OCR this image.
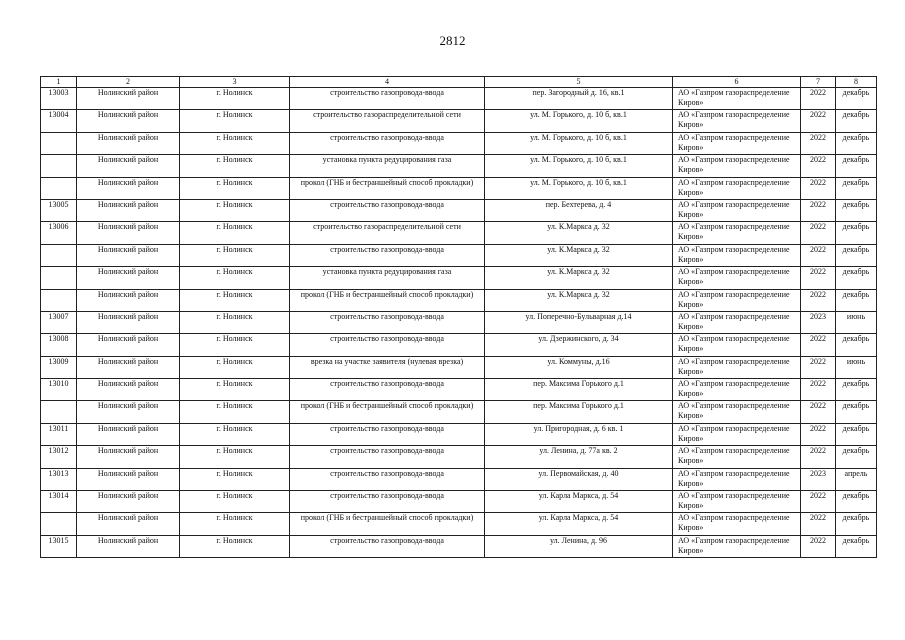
2812
1	2	3	4	5	6	7	8
13003	Нолинский район	г. Нолинск	строительство газопровода-ввода	пер. Загородный д. 16, кв.1	АО «Газпром газораспределение Киров»	2022	декабрь
13004	Нолинский район	г. Нолинск	строительство газораспределительной сети	ул. М. Горького, д. 10 б, кв.1	АО «Газпром газораспределение Киров»	2022	декабрь
	Нолинский район	г. Нолинск	строительство газопровода-ввода	ул. М. Горького, д. 10 б, кв.1	АО «Газпром газораспределение Киров»	2022	декабрь
	Нолинский район	г. Нолинск	установка пункта редуцирования газа	ул. М. Горького, д. 10 б, кв.1	АО «Газпром газораспределение Киров»	2022	декабрь
	Нолинский район	г. Нолинск	прокол (ГНБ и бестраншейный способ прокладки)	ул. М. Горького, д. 10 б, кв.1	АО «Газпром газораспределение Киров»	2022	декабрь
13005	Нолинский район	г. Нолинск	строительство газопровода-ввода	пер. Бехтерева, д. 4	АО «Газпром газораспределение Киров»	2022	декабрь
13006	Нолинский район	г. Нолинск	строительство газораспределительной сети	ул. К.Маркса д. 32	АО «Газпром газораспределение Киров»	2022	декабрь
	Нолинский район	г. Нолинск	строительство газопровода-ввода	ул. К.Маркса д. 32	АО «Газпром газораспределение Киров»	2022	декабрь
	Нолинский район	г. Нолинск	установка пункта редуцирования газа	ул. К.Маркса д. 32	АО «Газпром газораспределение Киров»	2022	декабрь
	Нолинский район	г. Нолинск	прокол (ГНБ и бестраншейный способ прокладки)	ул. К.Маркса д. 32	АО «Газпром газораспределение Киров»	2022	декабрь
13007	Нолинский район	г. Нолинск	строительство газопровода-ввода	ул. Поперечно-Бульварная д.14	АО «Газпром газораспределение Киров»	2023	июнь
13008	Нолинский район	г. Нолинск	строительство газопровода-ввода	ул. Дзержинского, д. 34	АО «Газпром газораспределение Киров»	2022	декабрь
13009	Нолинский район	г. Нолинск	врезка на участке заявителя (нулевая врезка)	ул. Коммуны, д.16	АО «Газпром газораспределение Киров»	2022	июнь
13010	Нолинский район	г. Нолинск	строительство газопровода-ввода	пер. Максима Горького д.1	АО «Газпром газораспределение Киров»	2022	декабрь
	Нолинский район	г. Нолинск	прокол (ГНБ и бестраншейный способ прокладки)	пер. Максима Горького д.1	АО «Газпром газораспределение Киров»	2022	декабрь
13011	Нолинский район	г. Нолинск	строительство газопровода-ввода	ул. Пригородная, д. 6 кв. 1	АО «Газпром газораспределение Киров»	2022	декабрь
13012	Нолинский район	г. Нолинск	строительство газопровода-ввода	ул. Ленина, д. 77а кв. 2	АО «Газпром газораспределение Киров»	2022	декабрь
13013	Нолинский район	г. Нолинск	строительство газопровода-ввода	ул. Первомайская, д. 40	АО «Газпром газораспределение Киров»	2023	апрель
13014	Нолинский район	г. Нолинск	строительство газопровода-ввода	ул. Карла Маркса, д. 54	АО «Газпром газораспределение Киров»	2022	декабрь
	Нолинский район	г. Нолинск	прокол (ГНБ и бестраншейный способ прокладки)	ул. Карла Маркса, д. 54	АО «Газпром газораспределение Киров»	2022	декабрь
13015	Нолинский район	г. Нолинск	строительство газопровода-ввода	ул. Ленина, д. 96	АО «Газпром газораспределение Киров»	2022	декабрь
